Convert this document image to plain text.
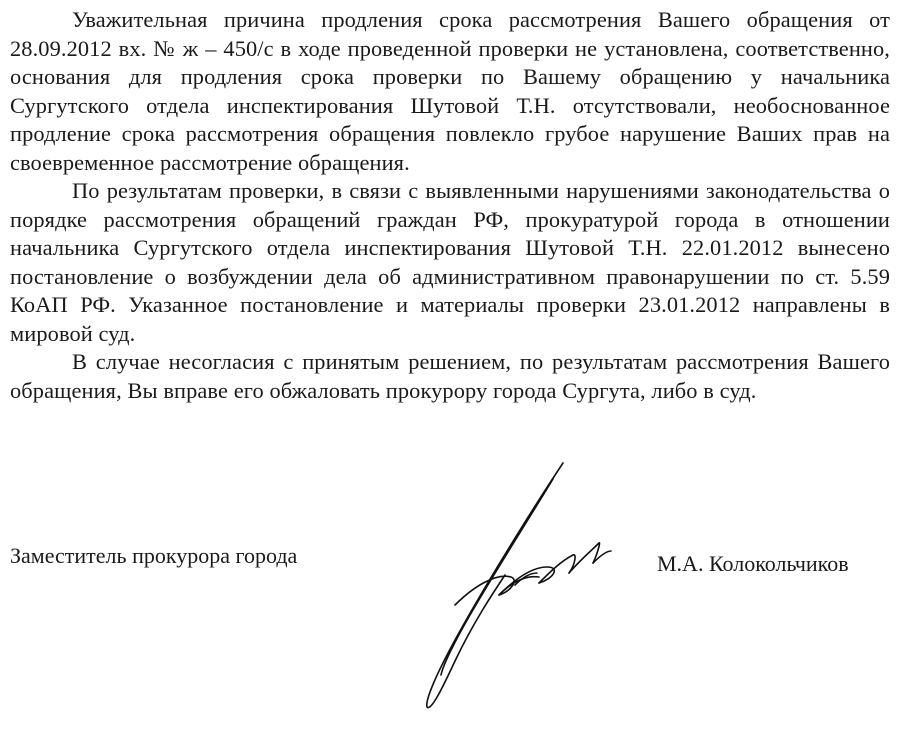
Уважительная причина продления срока рассмотрения Вашего обращения от 28.09.2012 вх. № ж – 450/с в ходе проведенной проверки не установлена, соответственно, основания для продления срока проверки по Вашему обращению у начальника Сургутского отдела инспектирования Шутовой Т.Н. отсутствовали, необоснованное продление срока рассмотрения обращения повлекло грубое нарушение Ваших прав на своевременное рассмотрение обращения.

По результатам проверки, в связи с выявленными нарушениями законодательства о порядке рассмотрения обращений граждан РФ, прокуратурой города в отношении начальника Сургутского отдела инспектирования Шутовой Т.Н. 22.01.2012 вынесено постановление о возбуждении дела об административном правонарушении по ст. 5.59 КоАП РФ. Указанное постановление и материалы проверки 23.01.2012 направлены в мировой суд.

В случае несогласия с принятым решением, по результатам рассмотрения Вашего обращения, Вы вправе его обжаловать прокурору города Сургута, либо в суд.

Заместитель прокурора города	М.А. Колокольчиков
